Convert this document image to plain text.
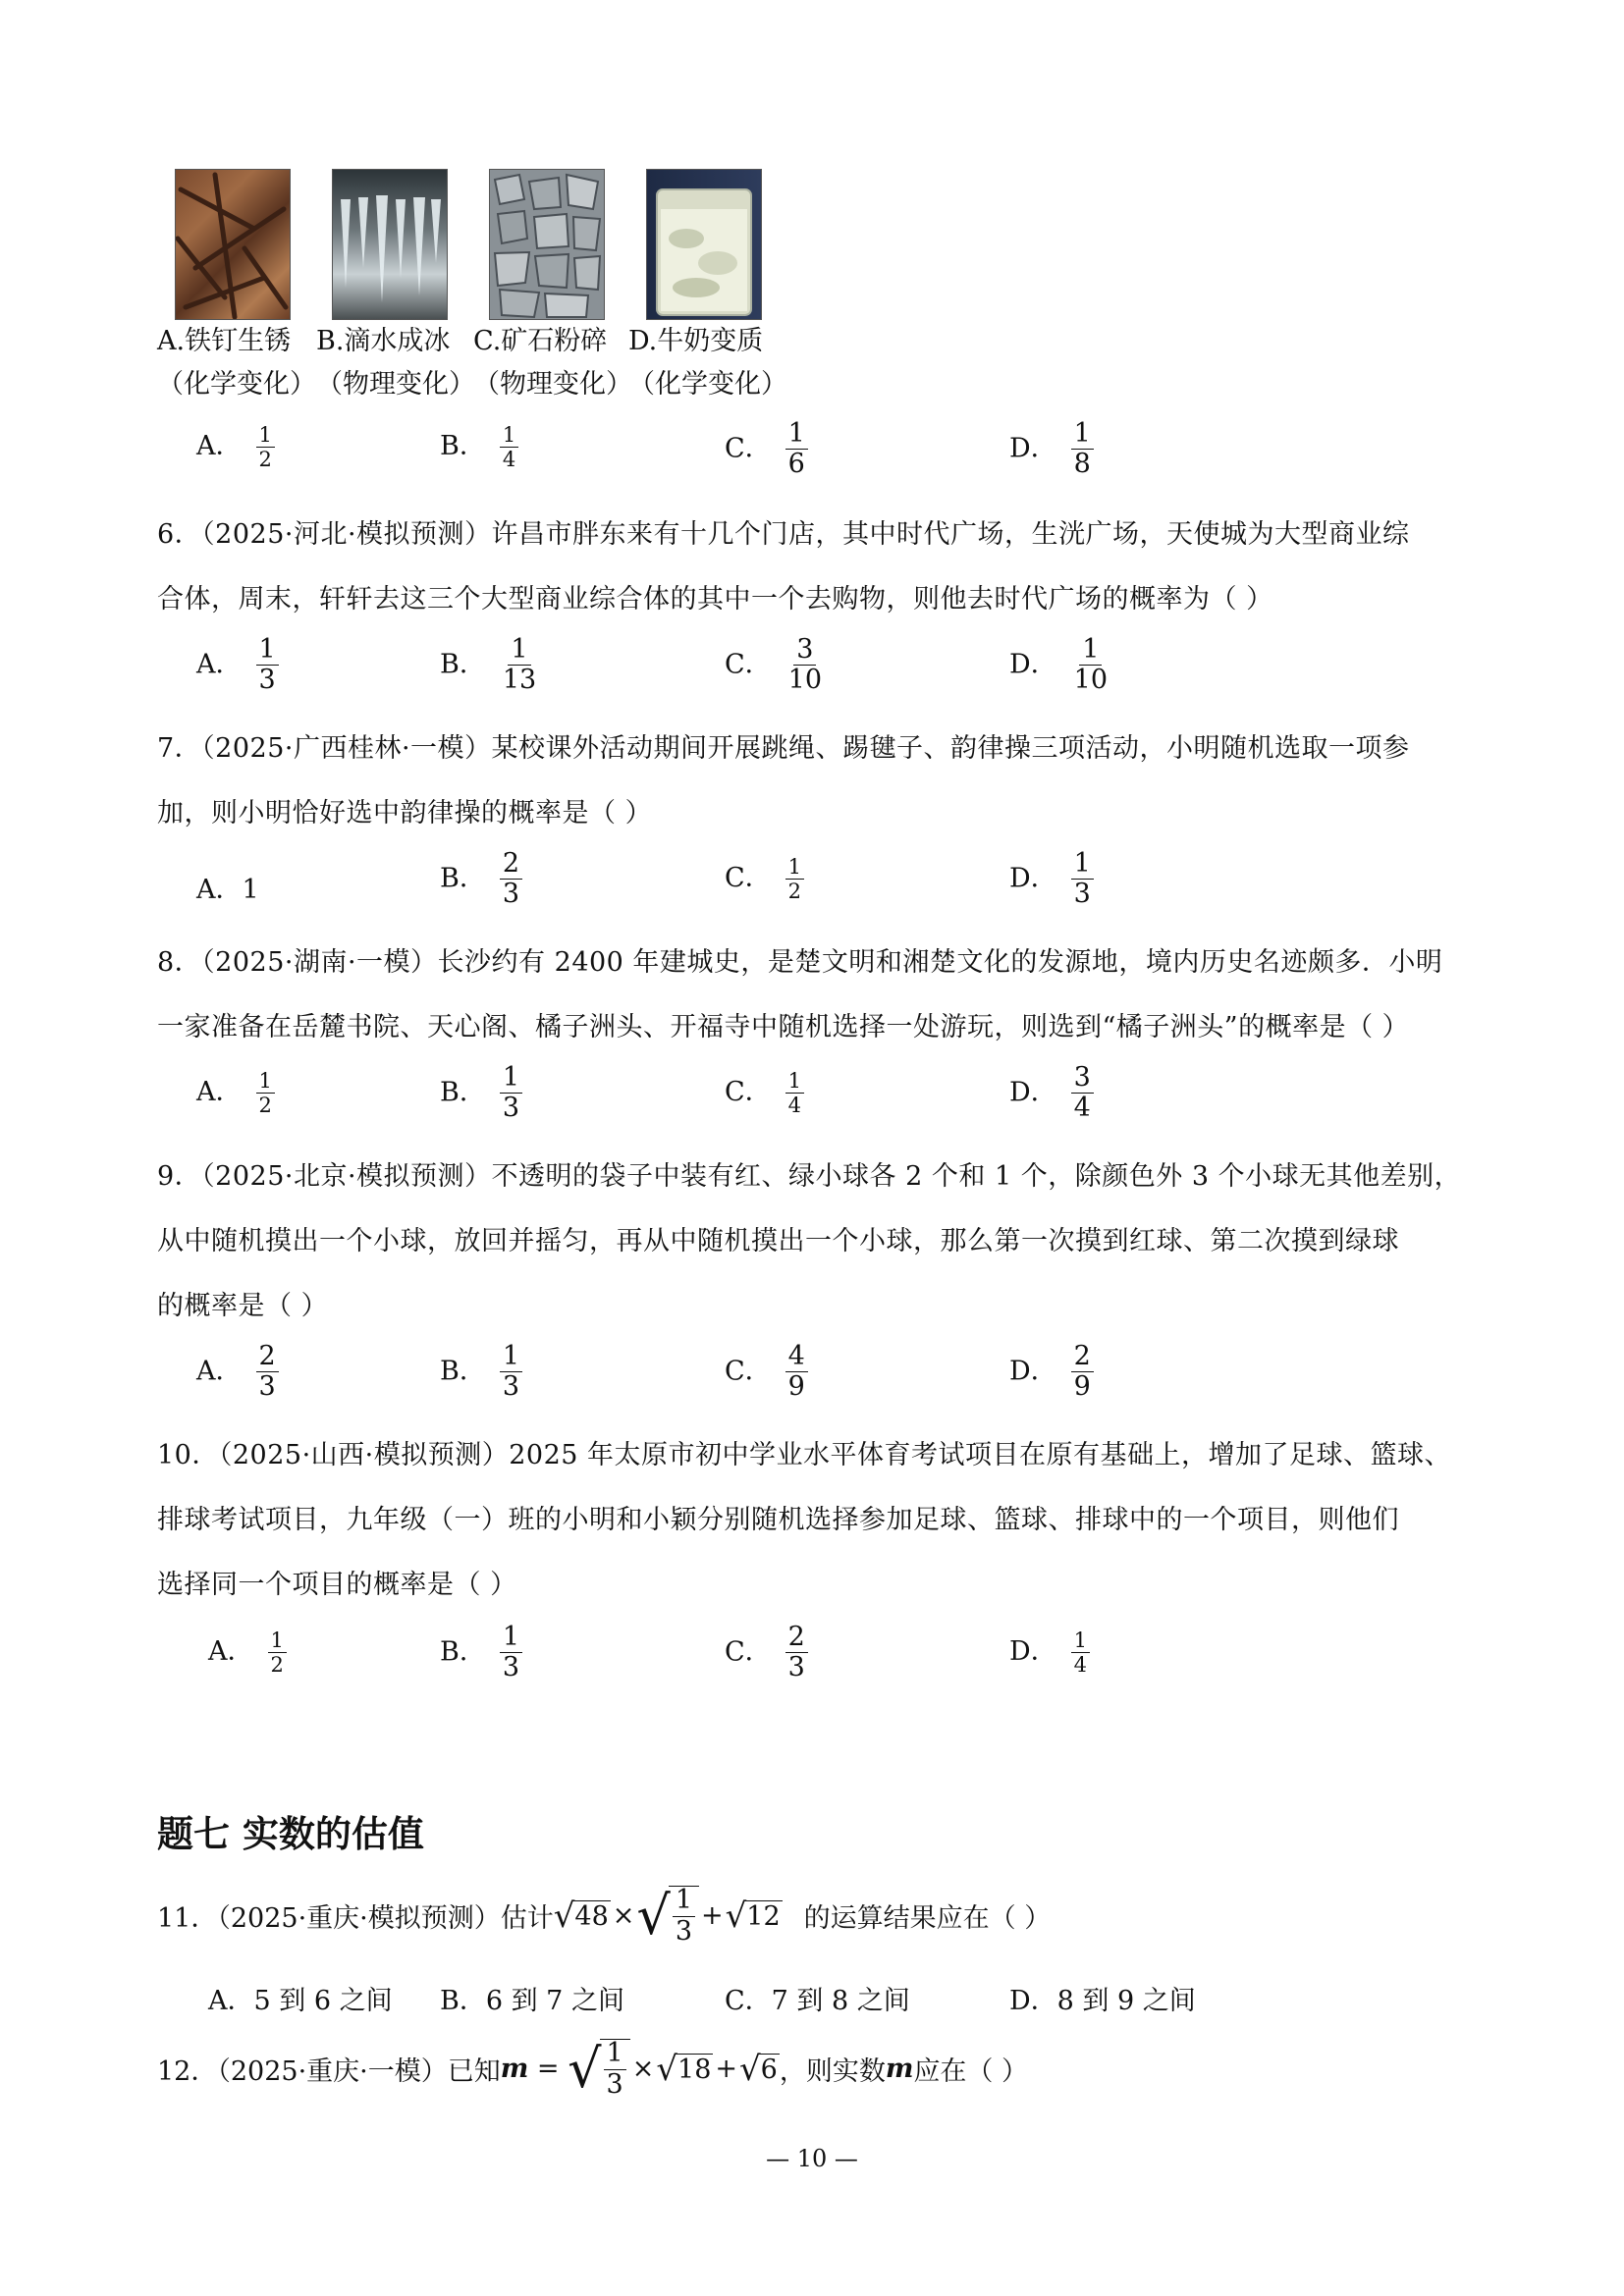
A.铁钉生锈
（化学变化）
B.滴水成冰
（物理变化）
C.矿石粉碎
（物理变化）
D.牛奶变质
（化学变化）
A． $\frac{1}{2}$	B． $\frac{1}{4}$	C． $\frac{1}{6}$	D． $\frac{1}{8}$
6．（2025·河北·模拟预测）许昌市胖东来有十几个门店，其中时代广场，生洸广场，天使城为大型商业综
合体，周末，轩轩去这三个大型商业综合体的其中一个去购物，则他去时代广场的概率为（ ）
A． $\frac{1}{3}$	B． $\frac{1}{13}$	C． $\frac{3}{10}$	D． $\frac{1}{10}$
7．（2025·广西桂林·一模）某校课外活动期间开展跳绳、踢毽子、韵律操三项活动，小明随机选取一项参
加，则小明恰好选中韵律操的概率是（ ）
A．1	B． $\frac{2}{3}$	C． $\frac{1}{2}$	D． $\frac{1}{3}$
8．（2025·湖南·一模）长沙约有 2400 年建城史，是楚文明和湘楚文化的发源地，境内历史名迹颇多．小明
一家准备在岳麓书院、天心阁、橘子洲头、开福寺中随机选择一处游玩，则选到“橘子洲头”的概率是（ ）
A． $\frac{1}{2}$	B． $\frac{1}{3}$	C． $\frac{1}{4}$	D． $\frac{3}{4}$
9．（2025·北京·模拟预测）不透明的袋子中装有红、绿小球各 2 个和 1 个，除颜色外 3 个小球无其他差别，
从中随机摸出一个小球，放回并摇匀，再从中随机摸出一个小球，那么第一次摸到红球、第二次摸到绿球
的概率是（ ）
A． $\frac{2}{3}$	B． $\frac{1}{3}$	C． $\frac{4}{9}$	D． $\frac{2}{9}$
10．（2025·山西·模拟预测）2025 年太原市初中学业水平体育考试项目在原有基础上，增加了足球、篮球、
排球考试项目，九年级（一）班的小明和小颖分别随机选择参加足球、篮球、排球中的一个项目，则他们
选择同一个项目的概率是（ ）
A． $\frac{1}{2}$	B． $\frac{1}{3}$	C． $\frac{2}{3}$	D． $\frac{1}{4}$
题七 实数的估值
11．（2025·重庆·模拟预测）估计 √ 48 × √ $\frac{1}{3}$ + √ 12 的运算结果应在（ ）
A．5 到 6 之间 B．6 到 7 之间	C．7 到 8 之间	D．8 到 9 之间
12．（2025·重庆·一模）已知 m = √ $\frac{1}{3}$ × √ 18 + √ 6 ，则实数 m 应在（ ）
— 10 —
